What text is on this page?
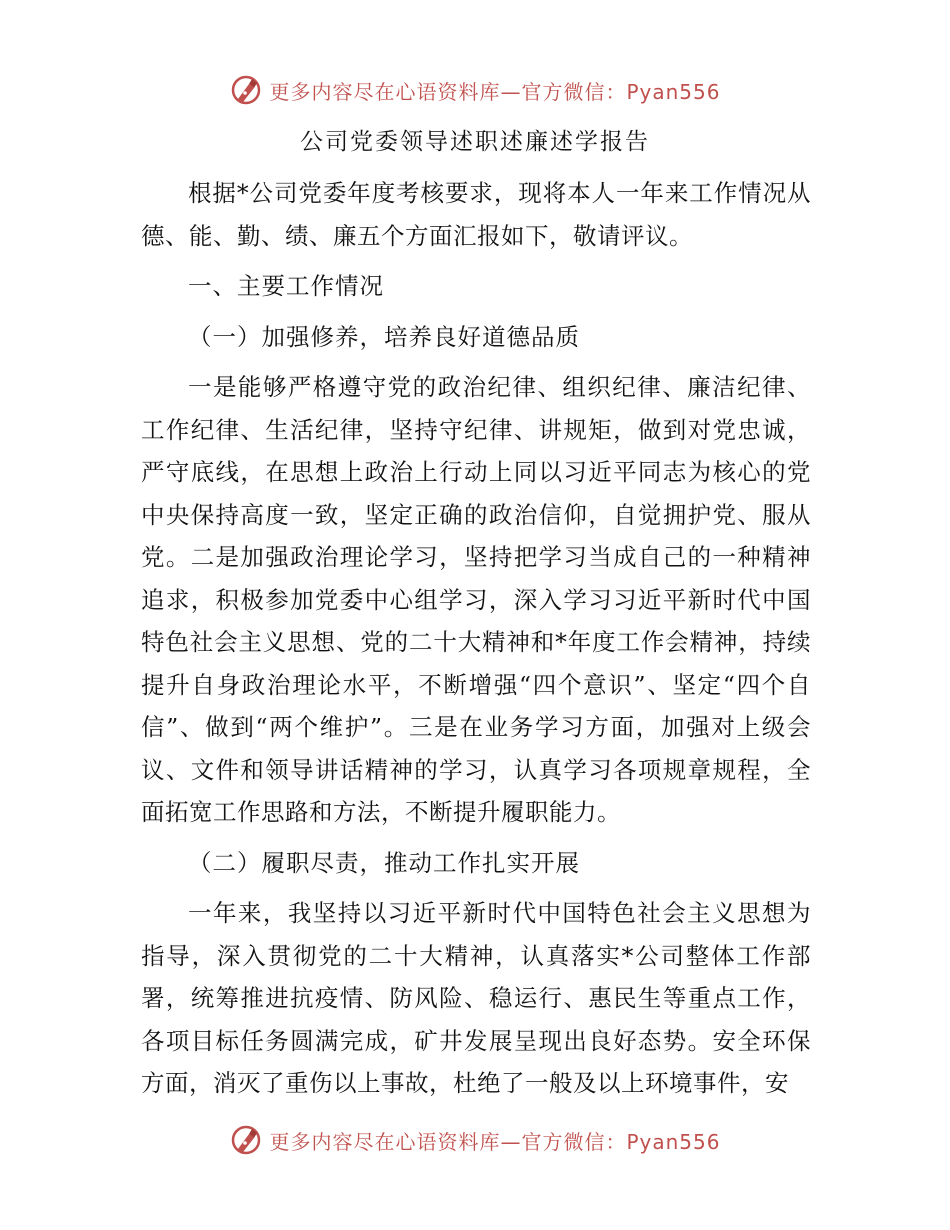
更多内容尽在心语资料库—官方微信：Pyan556
公司党委领导述职述廉述学报告

根据*公司党委年度考核要求，现将本人一年来工作情况从德、能、勤、绩、廉五个方面汇报如下，敬请评议。

一、主要工作情况

（一）加强修养，培养良好道德品质

一是能够严格遵守党的政治纪律、组织纪律、廉洁纪律、工作纪律、生活纪律，坚持守纪律、讲规矩，做到对党忠诚，严守底线，在思想上政治上行动上同以习近平同志为核心的党中央保持高度一致，坚定正确的政治信仰，自觉拥护党、服从党。二是加强政治理论学习，坚持把学习当成自己的一种精神追求，积极参加党委中心组学习，深入学习习近平新时代中国特色社会主义思想、党的二十大精神和*年度工作会精神，持续提升自身政治理论水平，不断增强“四个意识”、坚定“四个自信”、做到“两个维护”。三是在业务学习方面，加强对上级会议、文件和领导讲话精神的学习，认真学习各项规章规程，全面拓宽工作思路和方法，不断提升履职能力。

（二）履职尽责，推动工作扎实开展

一年来，我坚持以习近平新时代中国特色社会主义思想为指导，深入贯彻党的二十大精神，认真落实*公司整体工作部署，统筹推进抗疫情、防风险、稳运行、惠民生等重点工作，各项目标任务圆满完成，矿井发展呈现出良好态势。安全环保方面，消灭了重伤以上事故，杜绝了一般及以上环境事件，安

更多内容尽在心语资料库—官方微信：Pyan556
